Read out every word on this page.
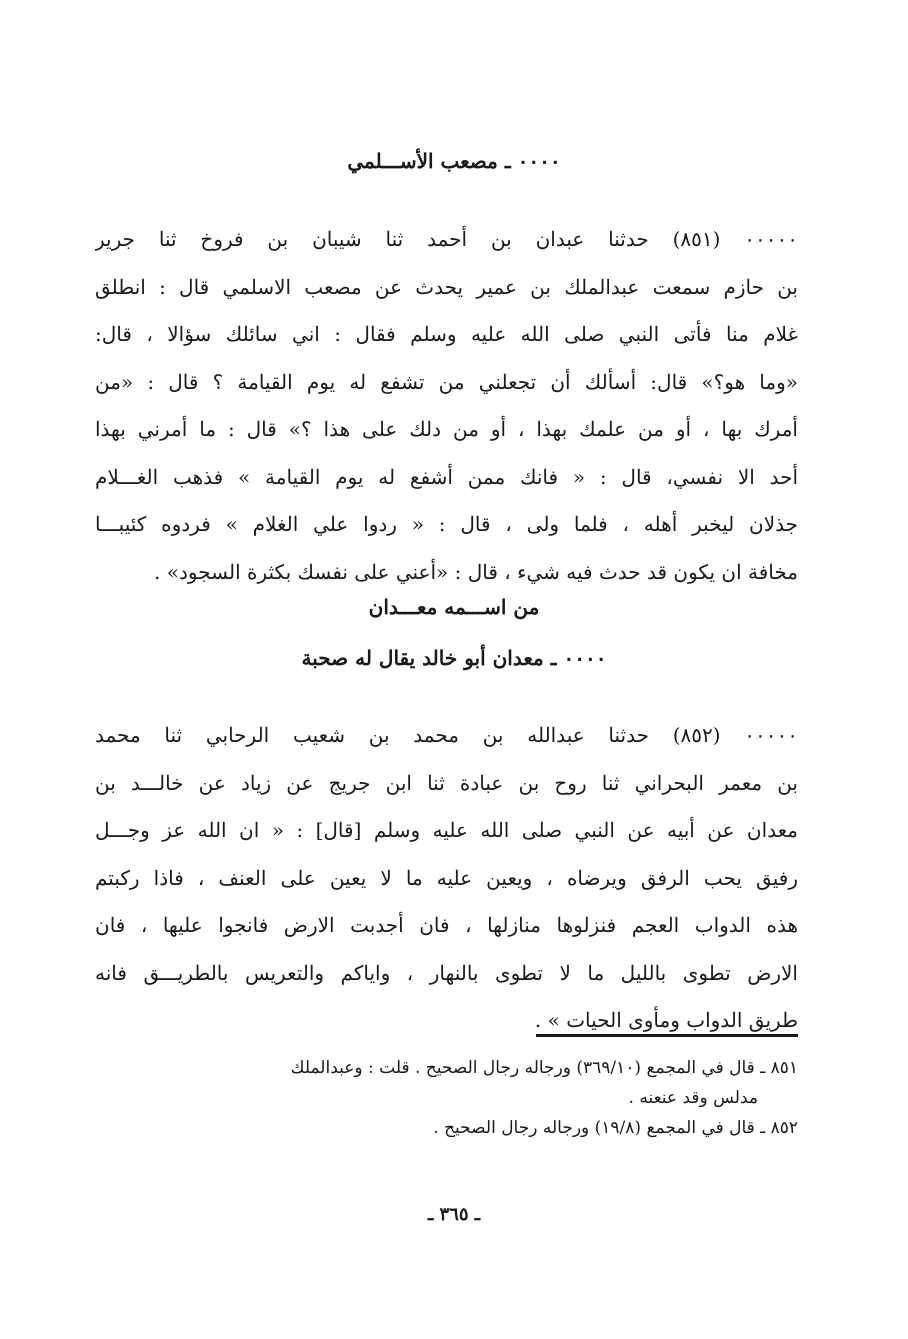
۰۰۰۰ ـ مصعب الأســـلمي
۰۰۰۰۰ (٨٥١) حدثنا عبدان بن أحمد ثنا شيبان بن فروخ ثنا جرير
بن حازم سمعت عبدالملك بن عمير يحدث عن مصعب الاسلمي قال : انطلق
غلام منا فأتى النبي صلى الله عليه وسلم فقال : اني سائلك سؤالا ، قال:
«وما هو؟» قال: أسألك أن تجعلني من تشفع له يوم القيامة ؟ قال : «من
أمرك بها ، أو من علمك بهذا ، أو من دلك على هذا ؟» قال : ما أمرني بهذا
أحد الا نفسي، قال : « فانك ممن أشفع له يوم القيامة » فذهب الغـــلام
جذلان ليخبر أهله ، فلما ولى ، قال : « ردوا علي الغلام » فردوه كئيبـــا
مخافة ان يكون قد حدث فيه شيء ، قال : «أعني على نفسك بكثرة السجود» .
من اســـمه معـــدان
۰۰۰۰ ـ معدان أبو خالد يقال له صحبة
۰۰۰۰۰ (٨٥٢) حدثنا عبدالله بن محمد بن شعيب الرحابي ثنا محمد
بن معمر البحراني ثنا روح بن عبادة ثنا ابن جريج عن زياد عن خالـــد بن
معدان عن أبيه عن النبي صلى الله عليه وسلم [قال] : « ان الله عز وجـــل
رفيق يحب الرفق ويرضاه ، ويعين عليه ما لا يعين على العنف ، فاذا ركبتم
هذه الدواب العجم فنزلوها منازلها ، فان أجدبت الارض فانجوا عليها ، فان
الارض تطوى بالليل ما لا تطوى بالنهار ، واياكم والتعريس بالطريـــق فانه
طريق الدواب ومأوى الحيات » .
٨٥١ ـ قال في المجمع (٣٦٩/١٠) ورجاله رجال الصحيح . قلت : وعبدالملك
مدلس وقد عنعنه .
٨٥٢ ـ قال في المجمع (١٩/٨) ورجاله رجال الصحيح .
ـ ٣٦٥ ـ
